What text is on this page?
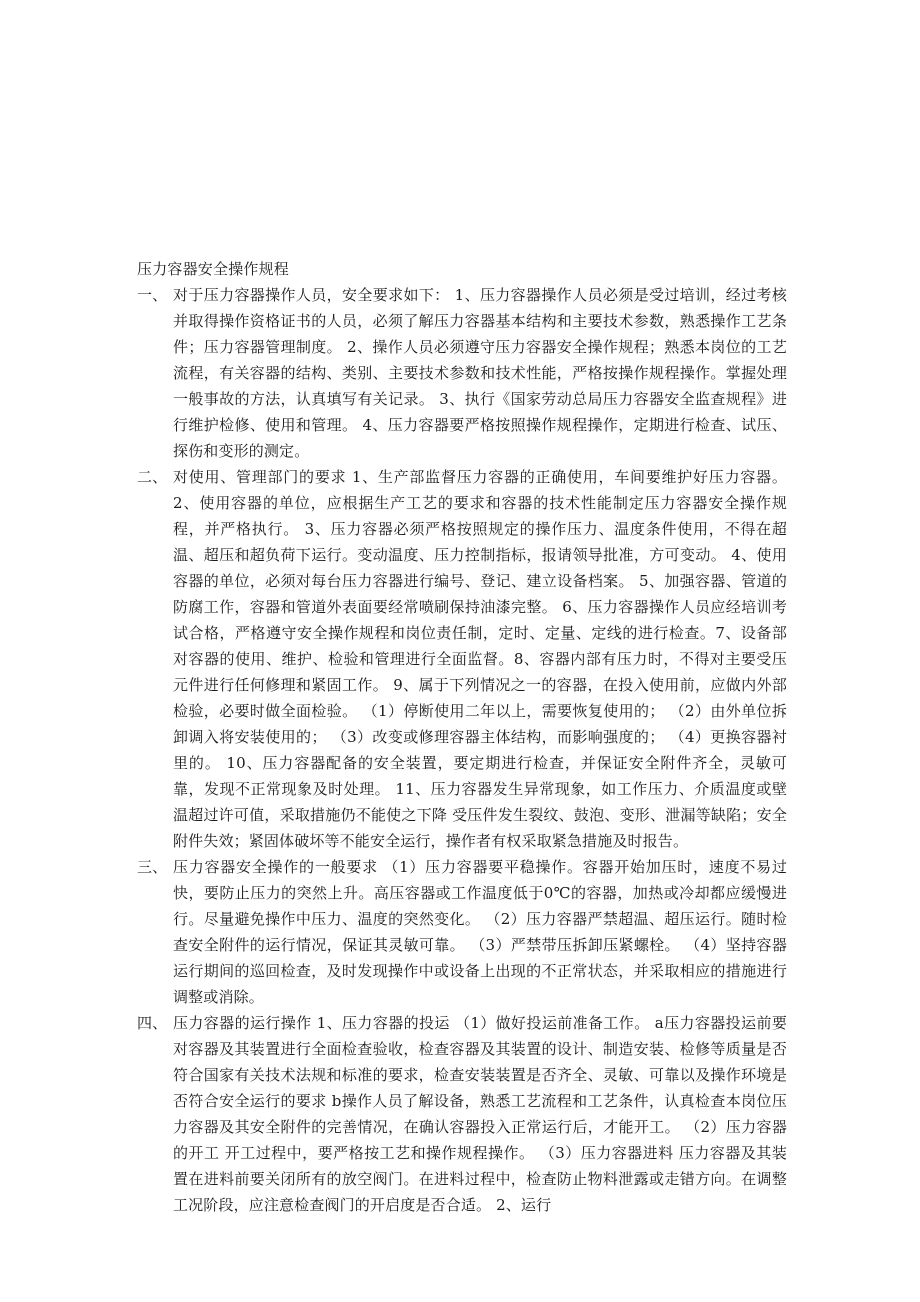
压力容器安全操作规程
一、 对于压力容器操作人员，安全要求如下： 1、压力容器操作人员必须是受过培训，经过考核并取得操作资格证书的人员，必须了解压力容器基本结构和主要技术参数，熟悉操作工艺条件；压力容器管理制度。 2、操作人员必须遵守压力容器安全操作规程；熟悉本岗位的工艺流程，有关容器的结构、类别、主要技术参数和技术性能，严格按操作规程操作。掌握处理一般事故的方法，认真填写有关记录。 3、执行《国家劳动总局压力容器安全监查规程》进行维护检修、使用和管理。 4、压力容器要严格按照操作规程操作，定期进行检查、试压、探伤和变形的测定。
二、 对使用、管理部门的要求 1、生产部监督压力容器的正确使用，车间要维护好压力容器。 2、使用容器的单位，应根据生产工艺的要求和容器的技术性能制定压力容器安全操作规程，并严格执行。 3、压力容器必须严格按照规定的操作压力、温度条件使用，不得在超温、超压和超负荷下运行。变动温度、压力控制指标，报请领导批准，方可变动。 4、使用容器的单位，必须对每台压力容器进行编号、登记、建立设备档案。 5、加强容器、管道的防腐工作，容器和管道外表面要经常喷刷保持油漆完整。 6、压力容器操作人员应经培训考试合格，严格遵守安全操作规程和岗位责任制，定时、定量、定线的进行检查。7、设备部对容器的使用、维护、检验和管理进行全面监督。8、容器内部有压力时，不得对主要受压元件进行任何修理和紧固工作。 9、属于下列情况之一的容器，在投入使用前，应做内外部检验，必要时做全面检验。 （1）停断使用二年以上，需要恢复使用的； （2）由外单位拆卸调入将安装使用的； （3）改变或修理容器主体结构，而影响强度的； （4）更换容器衬里的。 10、压力容器配备的安全装置，要定期进行检查，并保证安全附件齐全，灵敏可靠，发现不正常现象及时处理。 11、压力容器发生异常现象，如工作压力、介质温度或壁温超过许可值，采取措施仍不能使之下降 受压件发生裂纹、鼓泡、变形、泄漏等缺陷；安全附件失效；紧固体破坏等不能安全运行，操作者有权采取紧急措施及时报告。
三、 压力容器安全操作的一般要求 （1）压力容器要平稳操作。容器开始加压时，速度不易过快，要防止压力的突然上升。高压容器或工作温度低于0℃的容器，加热或冷却都应缓慢进行。尽量避免操作中压力、温度的突然变化。 （2）压力容器严禁超温、超压运行。随时检查安全附件的运行情况，保证其灵敏可靠。 （3）严禁带压拆卸压紧螺栓。 （4）坚持容器运行期间的巡回检查，及时发现操作中或设备上出现的不正常状态，并采取相应的措施进行调整或消除。
四、 压力容器的运行操作 1、压力容器的投运 （1）做好投运前准备工作。 a压力容器投运前要对容器及其装置进行全面检查验收，检查容器及其装置的设计、制造安装、检修等质量是否符合国家有关技术法规和标准的要求，检查安装装置是否齐全、灵敏、可靠以及操作环境是否符合安全运行的要求 b操作人员了解设备，熟悉工艺流程和工艺条件，认真检查本岗位压力容器及其安全附件的完善情况，在确认容器投入正常运行后，才能开工。 （2）压力容器的开工 开工过程中，要严格按工艺和操作规程操作。 （3）压力容器进料 压力容器及其装置在进料前要关闭所有的放空阀门。在进料过程中，检查防止物料泄露或走错方向。在调整工况阶段，应注意检查阀门的开启度是否合适。 2、运行
